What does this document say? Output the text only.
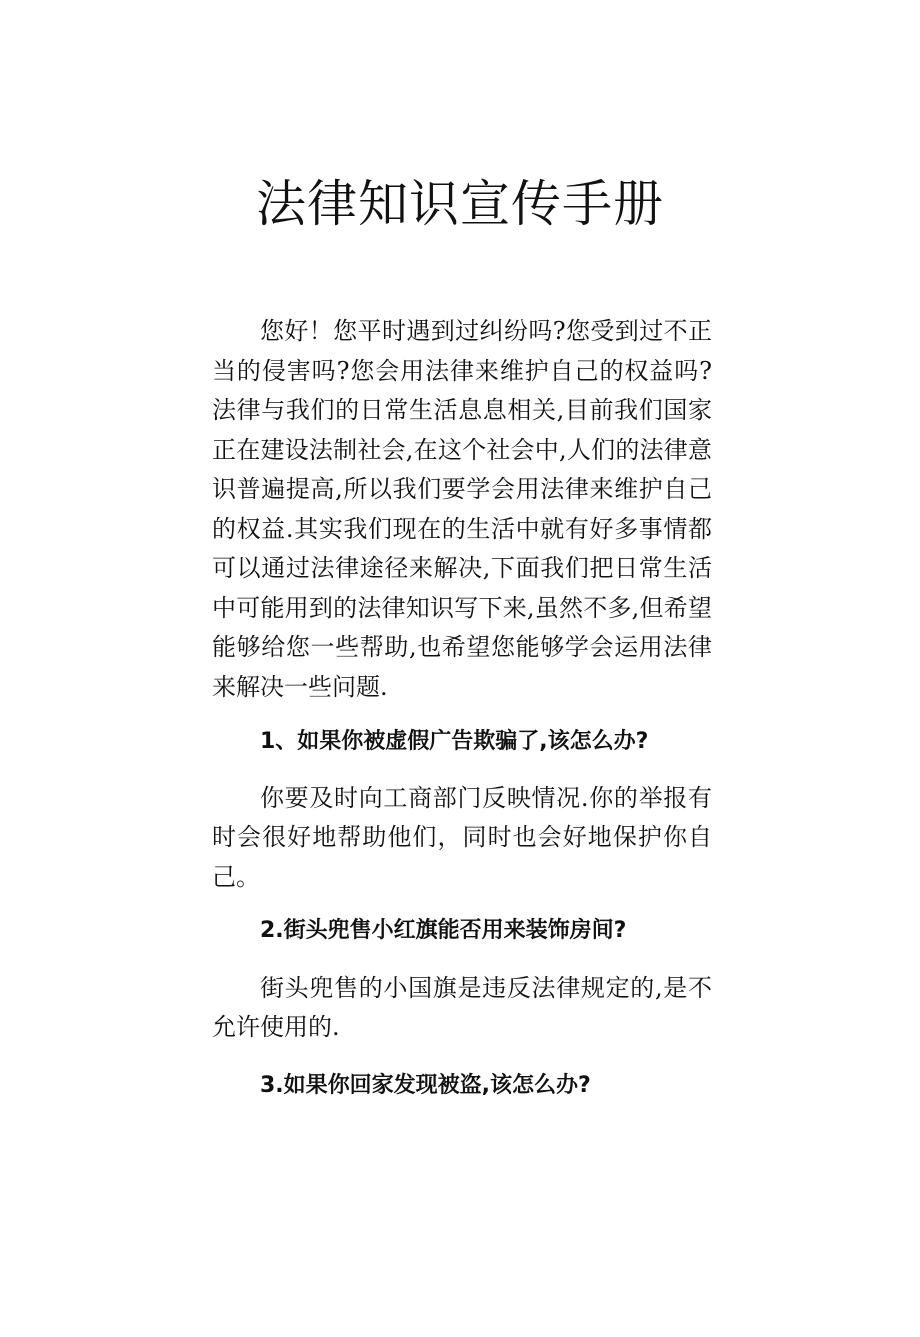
法律知识宣传手册

您好！您平时遇到过纠纷吗?您受到过不正当的侵害吗?您会用法律来维护自己的权益吗?法律与我们的日常生活息息相关,目前我们国家正在建设法制社会,在这个社会中,人们的法律意识普遍提高,所以我们要学会用法律来维护自己的权益.其实我们现在的生活中就有好多事情都可以通过法律途径来解决,下面我们把日常生活中可能用到的法律知识写下来,虽然不多,但希望能够给您一些帮助,也希望您能够学会运用法律来解决一些问题.

1、如果你被虚假广告欺骗了,该怎么办?

你要及时向工商部门反映情况.你的举报有时会很好地帮助他们，同时也会好地保护你自己。

2.街头兜售小红旗能否用来装饰房间?

街头兜售的小国旗是违反法律规定的,是不允许使用的.

3.如果你回家发现被盗,该怎么办?
